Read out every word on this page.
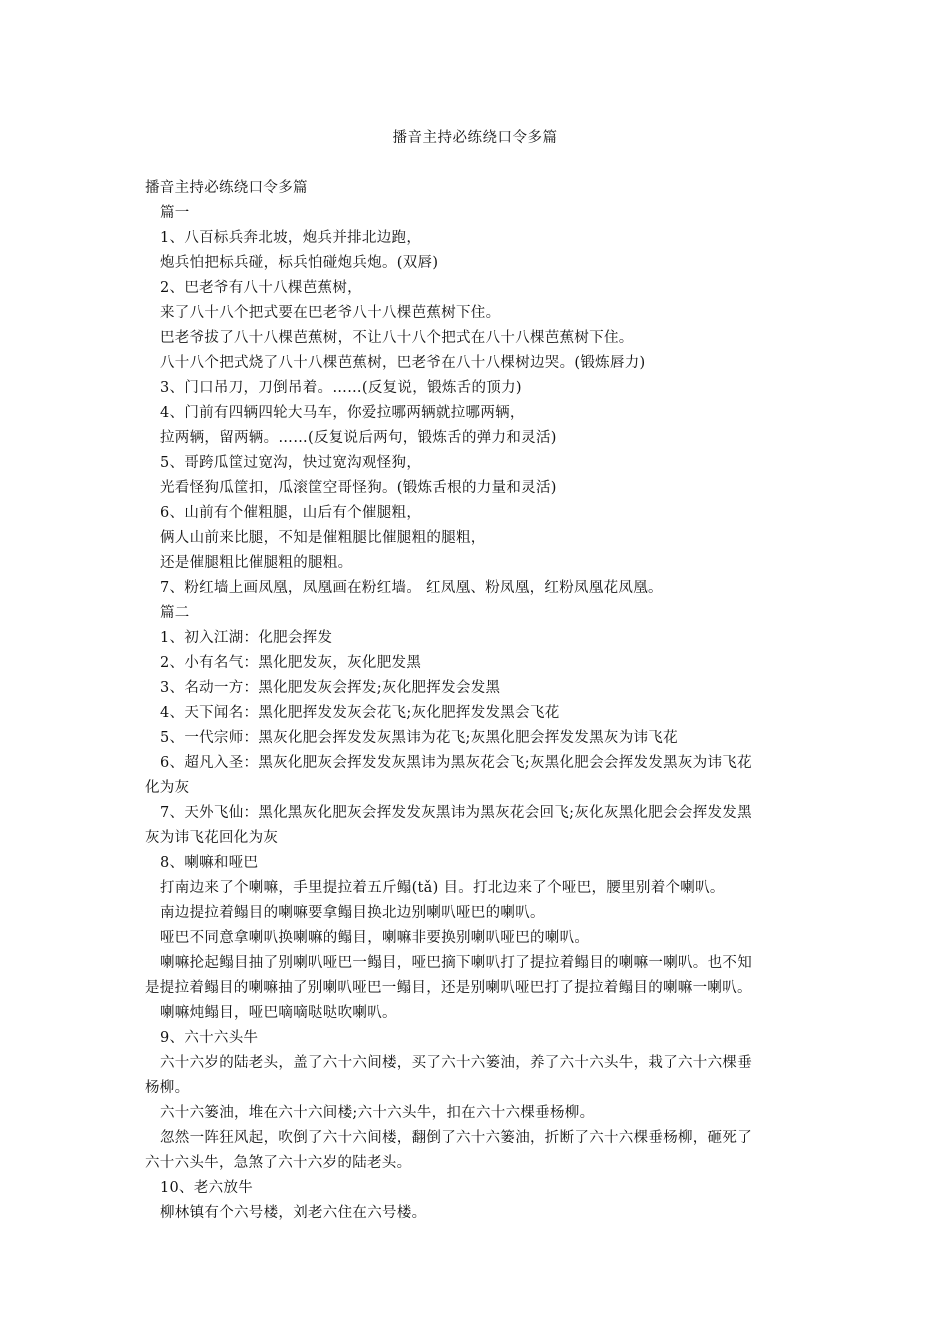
播音主持必练绕口令多篇
播音主持必练绕口令多篇
篇一
1、八百标兵奔北坡，炮兵并排北边跑，
炮兵怕把标兵碰，标兵怕碰炮兵炮。(双唇)
2、巴老爷有八十八棵芭蕉树，
来了八十八个把式要在巴老爷八十八棵芭蕉树下住。
巴老爷拔了八十八棵芭蕉树，不让八十八个把式在八十八棵芭蕉树下住。
八十八个把式烧了八十八棵芭蕉树，巴老爷在八十八棵树边哭。(锻炼唇力)
3、门口吊刀，刀倒吊着。……(反复说，锻炼舌的顶力)
4、门前有四辆四轮大马车，你爱拉哪两辆就拉哪两辆，
拉两辆，留两辆。……(反复说后两句，锻炼舌的弹力和灵活)
5、哥跨瓜筐过宽沟，快过宽沟观怪狗，
光看怪狗瓜筐扣，瓜滚筐空哥怪狗。(锻炼舌根的力量和灵活)
6、山前有个催粗腿，山后有个催腿粗，
俩人山前来比腿，不知是催粗腿比催腿粗的腿粗，
还是催腿粗比催腿粗的腿粗。
7、粉红墙上画凤凰，凤凰画在粉红墙。 红凤凰、粉凤凰，红粉凤凰花凤凰。
篇二
1、初入江湖：化肥会挥发
2、小有名气：黑化肥发灰，灰化肥发黑
3、名动一方：黑化肥发灰会挥发;灰化肥挥发会发黑
4、天下闻名：黑化肥挥发发灰会花飞;灰化肥挥发发黑会飞花
5、一代宗师：黑灰化肥会挥发发灰黑讳为花飞;灰黑化肥会挥发发黑灰为讳飞花
6、超凡入圣：黑灰化肥灰会挥发发灰黑讳为黑灰花会飞;灰黑化肥会会挥发发黑灰为讳飞花
化为灰
7、天外飞仙：黑化黑灰化肥灰会挥发发灰黑讳为黑灰花会回飞;灰化灰黑化肥会会挥发发黑
灰为讳飞花回化为灰
8、喇嘛和哑巴
打南边来了个喇嘛，手里提拉着五斤鳎(tǎ) 目。打北边来了个哑巴，腰里别着个喇叭。
南边提拉着鳎目的喇嘛要拿鳎目换北边别喇叭哑巴的喇叭。
哑巴不同意拿喇叭换喇嘛的鳎目，喇嘛非要换别喇叭哑巴的喇叭。
喇嘛抡起鳎目抽了别喇叭哑巴一鳎目，哑巴摘下喇叭打了提拉着鳎目的喇嘛一喇叭。也不知
是提拉着鳎目的喇嘛抽了别喇叭哑巴一鳎目，还是别喇叭哑巴打了提拉着鳎目的喇嘛一喇叭。
喇嘛炖鳎目，哑巴嘀嘀哒哒吹喇叭。
9、六十六头牛
六十六岁的陆老头，盖了六十六间楼，买了六十六篓油，养了六十六头牛，栽了六十六棵垂
杨柳。
六十六篓油，堆在六十六间楼;六十六头牛，扣在六十六棵垂杨柳。
忽然一阵狂风起，吹倒了六十六间楼，翻倒了六十六篓油，折断了六十六棵垂杨柳，砸死了
六十六头牛，急煞了六十六岁的陆老头。
10、老六放牛
柳林镇有个六号楼，刘老六住在六号楼。
